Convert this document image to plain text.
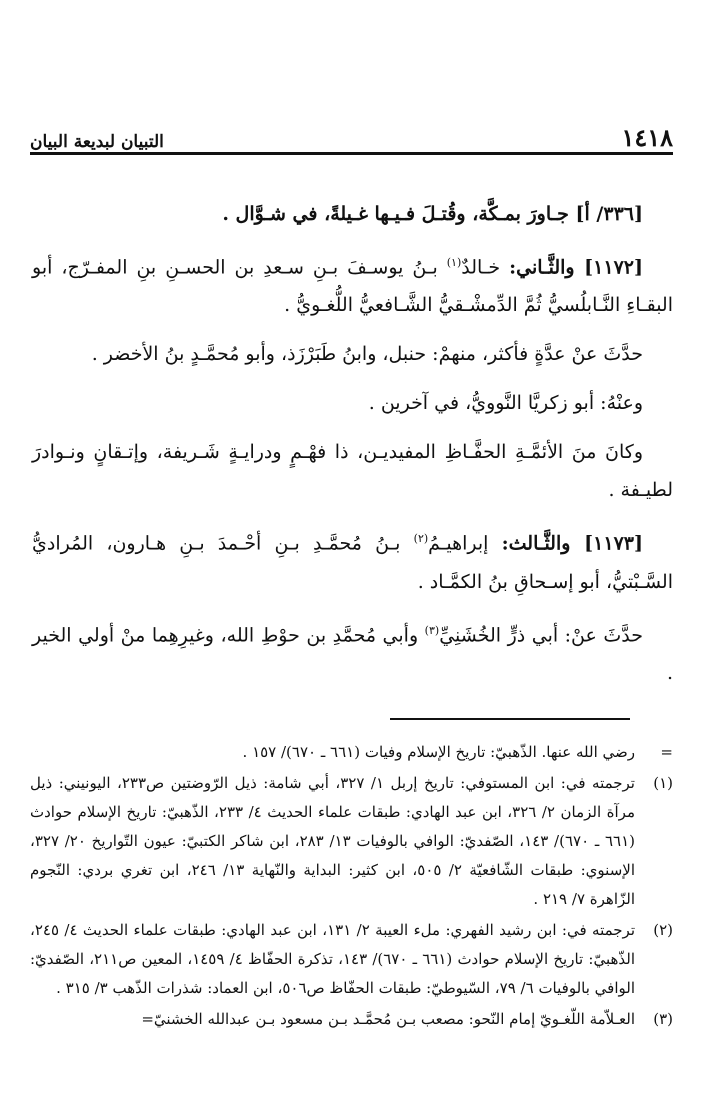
التبيان لبديعة البيان	١٤١٨

[٣٣٦/ أ] جـاورَ بمـكَّة، وقُتـلَ فـيـها غـيلةً، في شـوَّال .

[١١٧٢] والثَّـاني: خـالدٌ$^{(١)}$ بـنُ يوسـفَ بـنِ سـعدِ بن الحسـنِ بنِ المفـرّج، أبو البقـاءِ النَّـابلُسيُّ ثُمَّ الدِّمشْـقيُّ الشَّـافعيُّ اللُّغـويُّ .

حدَّثَ عنْ عدَّةٍ فأكثر، منهمْ: حنبل، وابنُ طَبَرْزَذ، وأبو مُحمَّـدٍ بنُ الأخضر .

وعنْهُ: أبو زكريَّا النَّوويُّ، في آخرين .

وكانَ منَ الأئمَّـةِ الحفَّـاظِ المفيديـن، ذا فهْـمٍ ودرايـةٍ شَـريفة، وإتـقانٍ ونـوادرَ لطيـفة .

[١١٧٣] والثَّـالث: إبراهيـمُ$^{(٢)}$ بـنُ مُحمَّـدِ بـنِ أحْـمدَ بـنِ هـارون، المُراديُّ السَّـبْتيُّ، أبو إسـحاقِ بنُ الكمَّـاد .

حدَّثَ عنْ: أبي ذرٍّ الخُشَنِيِّ$^{(٣)}$ وأبي مُحمَّدِ بن حوْطِ الله، وغيرِهِما منْ أولي الخير .

=
رضي الله عنها. الذّهبيّ: تاريخ الإسلام وفيات (٦٦١ ـ ٦٧٠)/ ١٥٧ .
(١)
ترجمته في: ابن المستوفي: تاريخ إربل ١/ ٣٢٧، أبي شامة: ذيل الرّوضتين ص٢٣٣، اليونيني: ذيل مرآة الزمان ٢/ ٣٢٦، ابن عبد الهادي: طبقات علماء الحديث ٤/ ٢٣٣، الذّهبيّ: تاريخ الإسلام حوادث (٦٦١ ـ ٦٧٠)/ ١٤٣، الصّفديّ: الوافي بالوفيات ١٣/ ٢٨٣، ابن شاكر الكتبيّ: عيون التّواريخ ٢٠/ ٣٢٧، الإسنوي: طبقات الشّافعيّة ٢/ ٥٠٥، ابن كثير: البداية والنّهاية ١٣/ ٢٤٦، ابن تغري بردي: النّجوم الزّاهرة ٧/ ٢١٩ .
(٢)
ترجمته في: ابن رشيد الفهري: ملء العيبة ٢/ ١٣١، ابن عبد الهادي: طبقات علماء الحديث ٤/ ٢٤٥، الذّهبيّ: تاريخ الإسلام حوادث (٦٦١ ـ ٦٧٠)/ ١٤٣، تذكرة الحفّاظ ٤/ ١٤٥٩، المعين ص٢١١، الصّفديّ: الوافي بالوفيات ٦/ ٧٩، السّيوطيّ: طبقات الحفّاظ ص٥٠٦، ابن العماد: شذرات الذّهب ٣/ ٣١٥ .
(٣)
العـلاّمة اللّغـويّ إمام النّحو: مصعب بـن مُحمَّـد بـن مسعود بـن عبدالله الخشنيّ=
